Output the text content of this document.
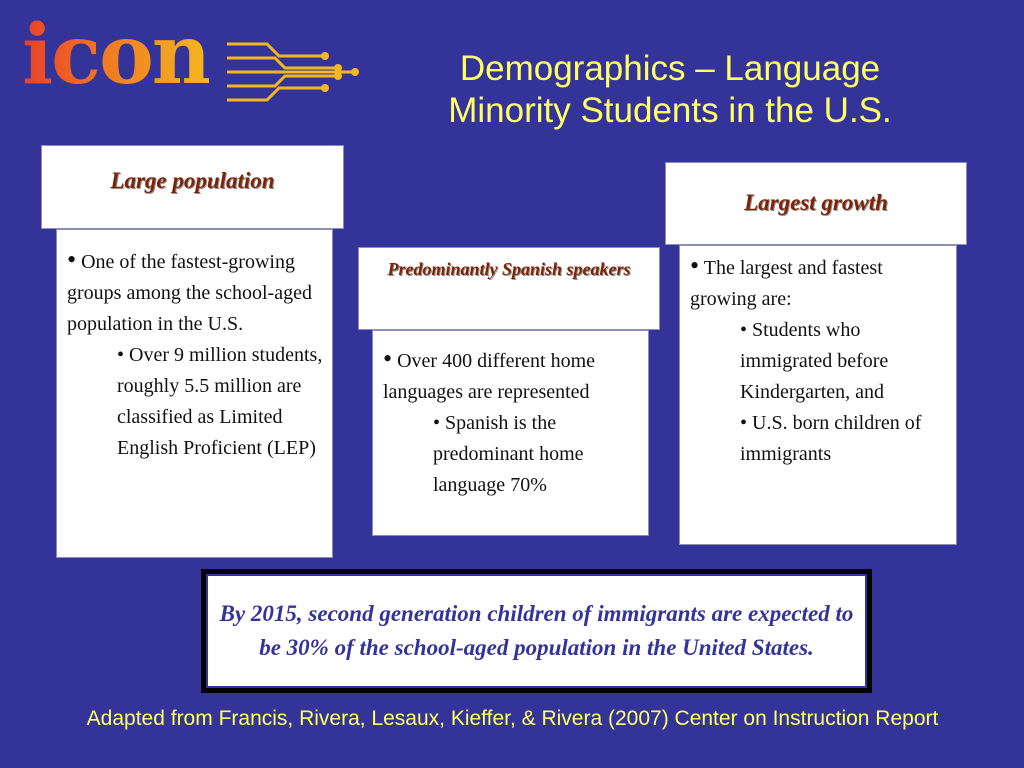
icon	Demographics – Language
Minority Students in the U.S.
Large population

• One of the fastest-growing groups among the school-aged population in the U.S.

• Over 9 million students, roughly 5.5 million are classified as Limited English Proficient (LEP)

Predominantly Spanish speakers

• Over 400 different home languages are represented

• Spanish is the predominant home language 70%

Largest growth

• The largest and fastest growing are:

• Students who immigrated before Kindergarten, and

• U.S. born children of immigrants

By 2015, second generation children of immigrants are expected to be 30% of the school-aged population in the United States.
Adapted from Francis, Rivera, Lesaux, Kieffer, & Rivera (2007) Center on Instruction Report
